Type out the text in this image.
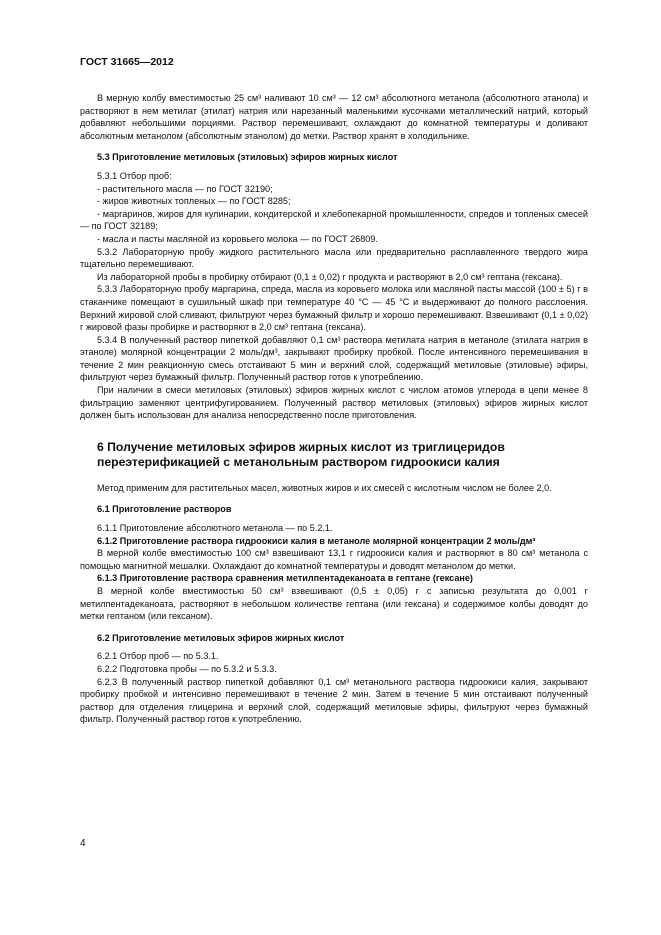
ГОСТ 31665—2012

В мерную колбу вместимостью 25 см³ наливают 10 см³ — 12 см³ абсолютного метанола (абсолютного этанола) и растворяют в нем метилат (этилат) натрия или нарезанный маленькими кусочками металлический натрий, который добавляют небольшими порциями. Раствор перемешивают, охлаждают до комнатной температуры и доливают абсолютным метанолом (абсолютным этанолом) до метки. Раствор хранят в холодильнике.

5.3 Приготовление метиловых (этиловых) эфиров жирных кислот

5.3.1 Отбор проб:

- растительного масла — по ГОСТ 32190;

- жиров животных топленых — по ГОСТ 8285;

- маргаринов, жиров для кулинарии, кондитерской и хлебопекарной промышленности, спредов и топленых смесей — по ГОСТ 32189;

- масла и пасты масляной из коровьего молока — по ГОСТ 26809.

5.3.2 Лабораторную пробу жидкого растительного масла или предварительно расплавленного твердого жира тщательно перемешивают.

Из лабораторной пробы в пробирку отбирают (0,1 ± 0,02) г продукта и растворяют в 2,0 см³ гептана (гексана).

5.3.3 Лабораторную пробу маргарина, спреда, масла из коровьего молока или масляной пасты массой (100 ± 5) г в стаканчике помещают в сушильный шкаф при температуре 40 °С — 45 °С и выдерживают до полного расслоения. Верхний жировой слой сливают, фильтруют через бумажный фильтр и хорошо перемешивают. Взвешивают (0,1 ± 0,02) г жировой фазы пробирке и растворяют в 2,0 см³ гептана (гексана).

5.3.4 В полученный раствор пипеткой добавляют 0,1 см³ раствора метилата натрия в метаноле (этилата натрия в этаноле) молярной концентрации 2 моль/дм³, закрывают пробирку пробкой. После интенсивного перемешивания в течение 2 мин реакционную смесь отстаивают 5 мин и верхний слой, содержащий метиловые (этиловые) эфиры, фильтруют через бумажный фильтр. Полученный раствор готов к употреблению.

При наличии в смеси метиловых (этиловых) эфиров жирных кислот с числом атомов углерода в цепи менее 8 фильтрацию заменяют центрифугированием. Полученный раствор метиловых (этиловых) эфиров жирных кислот должен быть использован для анализа непосредственно после приготовления.

6 Получение метиловых эфиров жирных кислот из триглицеридов переэтерификацией с метанольным раствором гидроокиси калия

Метод применим для растительных масел, животных жиров и их смесей с кислотным числом не более 2,0.

6.1 Приготовление растворов

6.1.1 Приготовление абсолютного метанола — по 5.2.1.

6.1.2 Приготовление раствора гидроокиси калия в метаноле молярной концентрации 2 моль/дм³

В мерной колбе вместимостью 100 см³ взвешивают 13,1 г гидроокиси калия и растворяют в 80 см³ метанола с помощью магнитной мешалки. Охлаждают до комнатной температуры и доводят метанолом до метки.

6.1.3 Приготовление раствора сравнения метилпентадеканоата в гептане (гексане)

В мерной колбе вместимостью 50 см³ взвешивают (0,5 ± 0,05) г с записью результата до 0,001 г метилпентадеканоата, растворяют в небольшом количестве гептана (или гексана) и содержимое колбы доводят до метки гептаном (или гексаном).

6.2 Приготовление метиловых эфиров жирных кислот

6.2.1 Отбор проб — по 5.3.1.

6.2.2 Подготовка пробы — по 5.3.2 и 5.3.3.

6.2.3 В полученный раствор пипеткой добавляют 0,1 см³ метанольного раствора гидроокиси калия, закрывают пробирку пробкой и интенсивно перемешивают в течение 2 мин. Затем в течение 5 мин отстаивают полученный раствор для отделения глицерина и верхний слой, содержащий метиловые эфиры, фильтруют через бумажный фильтр. Полученный раствор готов к употреблению.

4
